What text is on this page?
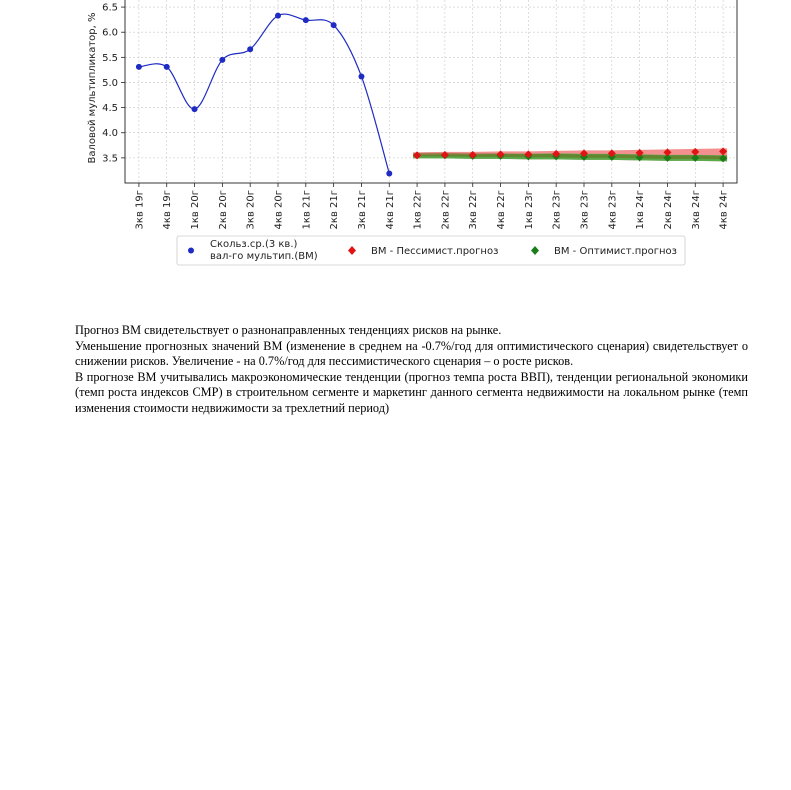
3.5
4.0
4.5
5.0
5.5
6.0
6.5
3кв 19г 4кв 19г 1кв 20г 2кв 20г 3кв 20г 4кв 20г 1кв 21г 2кв 21г 3кв 21г 4кв 21г 1кв 22г 2кв 22г 3кв 22г 4кв 22г 1кв 23г 2кв 23г 3кв 23г 4кв 23г 1кв 24г 2кв 24г 3кв 24г 4кв 24г
Валовой мультипликатор, %
Скольз.ср.(3 кв.) вал-го мультип.(ВМ)	ВМ - Пессимист.прогноз	ВМ - Оптимист.прогноз

Прогноз ВМ свидетельствует о разнонаправленных тенденциях рисков на рынке.

Уменьшение прогнозных значений ВМ (изменение в среднем на -0.7%/год для оптимистического сценария) свидетельствует о снижении рисков. Увеличение - на 0.7%/год для пессимистического сценария – о росте рисков.

В прогнозе ВМ учитывались макроэкономические тенденции (прогноз темпа роста ВВП), тенденции региональной экономики (темп роста индексов СМР) в строительном сегменте и маркетинг данного сегмента недвижимости на локальном рынке (темп изменения стоимости недвижимости за трехлетний период)
